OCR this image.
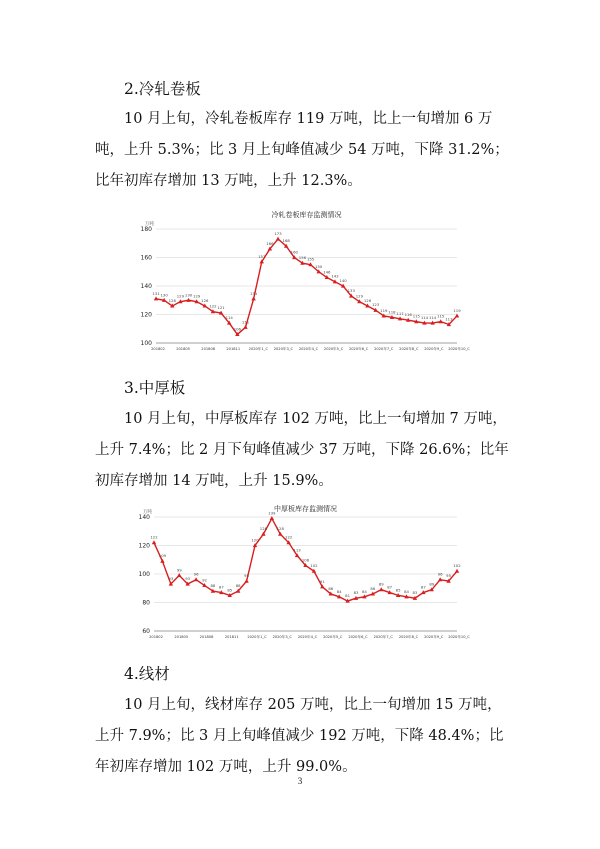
2.冷轧卷板
10 月上旬，冷轧卷板库存 119 万吨，比上一旬增加 6 万
吨，上升 5.3%；比 3 月上旬峰值减少 54 万吨，下降 31.2%；
比年初库存增加 13 万吨，上升 12.3%。
冷轧卷板库存监测情况
万吨
100
120
140
160
180
201802	201805	201808	201811 2020年1_C 2020年3_C 2020年4_C 2020年5_C 2020年6_C 2020年7_C 2020年8_C 2020年9_C 2020年10_C
131 130
126
129 130 129
126
122 121
114
106
111
131
157
166
173
168
160
156 155
150
146
143
140
133
129
126
123
119 118 117 116 115 114 114 115
113
119
3.中厚板
10 月上旬，中厚板库存 102 万吨，比上一旬增加 7 万吨，
上升 7.4%；比 2 月下旬峰值减少 37 万吨，下降 26.6%；比年
初库存增加 14 万吨，上升 15.9%。
中厚板库存监测情况
万吨
60
80
100
120
140
201802	201805	201808	201811 2020年1_C 2020年3_C 2020年4_C 2020年5_C 2020年6_C 2020年7_C 2020年8_C 2020年9_C 2020年10_C
122
109
93
99
93
96
92
88 87
85
88
95
120
128
139
128
122
113
106
102
91
86
84
81
83 84
86
89
87
85 84 83
87
89
96 95
102
4.线材
10 月上旬，线材库存 205 万吨，比上一旬增加 15 万吨，
上升 7.9%；比 3 月上旬峰值减少 192 万吨，下降 48.4%；比
年初库存增加 102 万吨，上升 99.0%。
3
